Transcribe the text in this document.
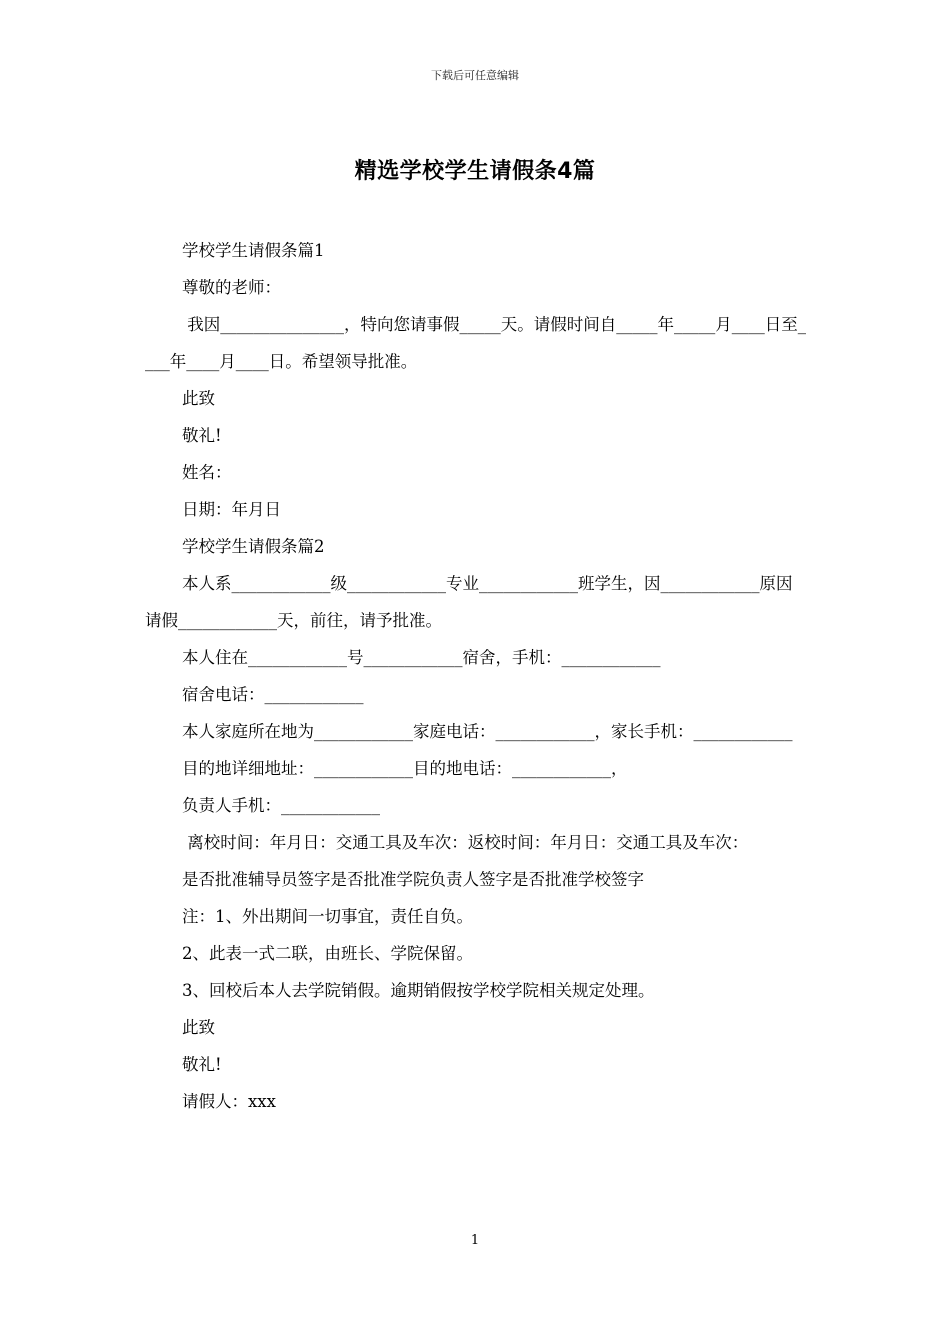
下载后可任意编辑
精选学校学生请假条4篇

学校学生请假条篇1

尊敬的老师：

我因_______________，特向您请事假_____天。请假时间自_____年_____月____日至____年____月____日。希望领导批准。

此致

敬礼!

姓名：

日期：年月日

学校学生请假条篇2

本人系____________级____________专业____________班学生，因____________原因请假____________天，前往，请予批准。

本人住在____________号____________宿舍，手机：____________

宿舍电话：____________

本人家庭所在地为____________家庭电话：____________，家长手机：____________

目的地详细地址：____________目的地电话：____________，

负责人手机：____________

离校时间：年月日：交通工具及车次：返校时间：年月日：交通工具及车次：

是否批准辅导员签字是否批准学院负责人签字是否批准学校签字

注：1、外出期间一切事宜，责任自负。

2、此表一式二联，由班长、学院保留。

3、回校后本人去学院销假。逾期销假按学校学院相关规定处理。

此致

敬礼!

请假人：xxx

1
